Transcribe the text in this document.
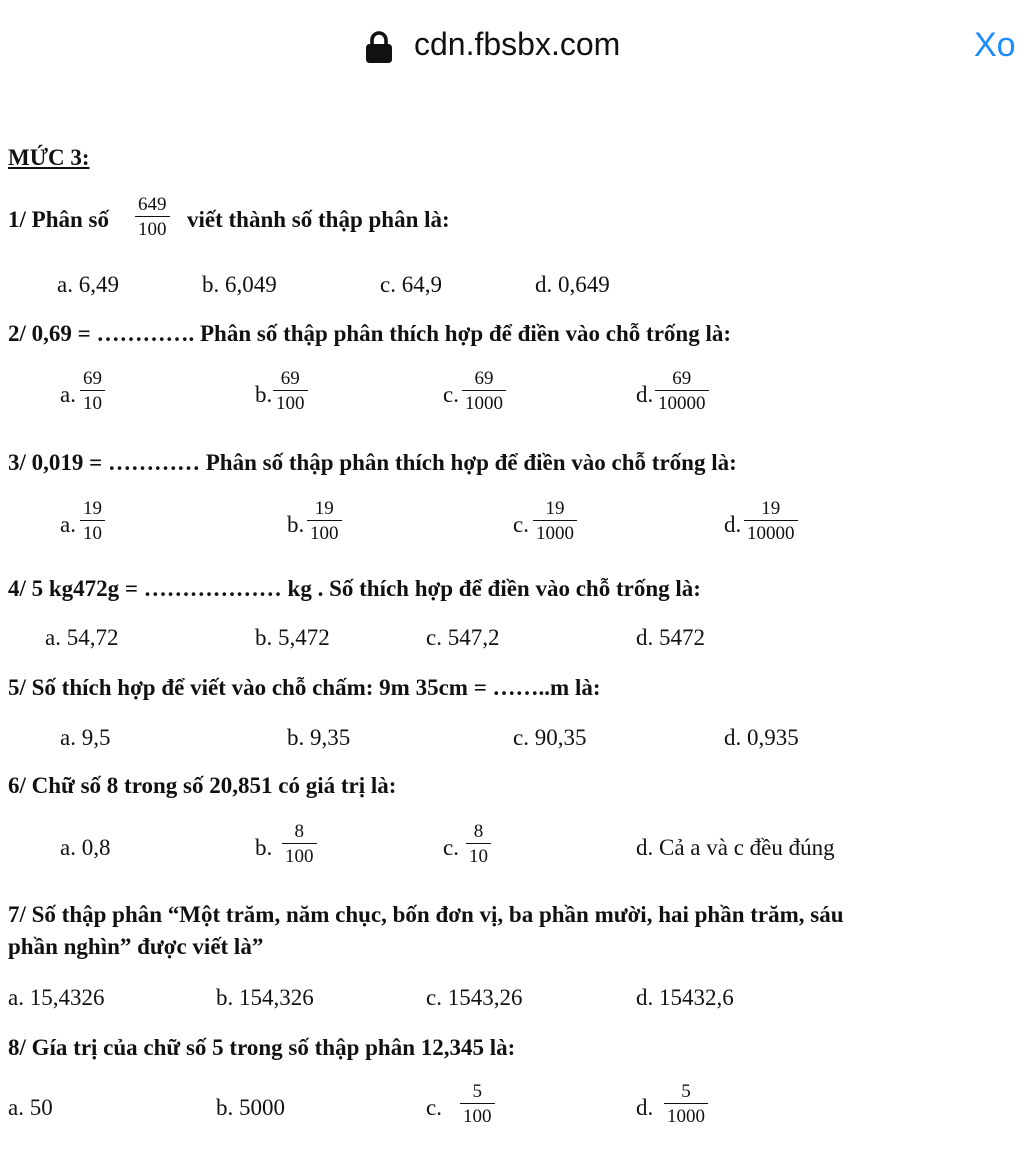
cdn.fbsbx.com	Xo
MỨC 3:
1/ Phân số
649
100 viết thành số thập phân là:
a. 6,49	b. 6,049	c. 64,9	d. 0,649
2/ 0,69 = …………. Phân số thập phân thích hợp để điền vào chỗ trống là:
a.
69
10	b.
69
100	c.
69
1000	d.
69
10000
3/ 0,019 = ………… Phân số thập phân thích hợp để điền vào chỗ trống là:
a.
19
10	b.
19
100	c.
19
1000	d.
19
10000
4/ 5 kg472g = ……………… kg . Số thích hợp để điền vào chỗ trống là:
a. 54,72	b. 5,472	c. 547,2	d. 5472
5/ Số thích hợp để viết vào chỗ chấm: 9m 35cm = ……..m là:
a. 9,5	b. 9,35	c. 90,35	d. 0,935
6/ Chữ số 8 trong số 20,851 có giá trị là:
a. 0,8	b.
8
100	c.
8
10	d. Cả a và c đều đúng
7/ Số thập phân “Một trăm, năm chục, bốn đơn vị, ba phần mười, hai phần trăm, sáu
phần nghìn” được viết là”
a. 15,4326	b. 154,326	c. 1543,26	d. 15432,6
8/ Gía trị của chữ số 5 trong số thập phân 12,345 là:
a. 50	b. 5000	c.
5
100	d.
5
1000
